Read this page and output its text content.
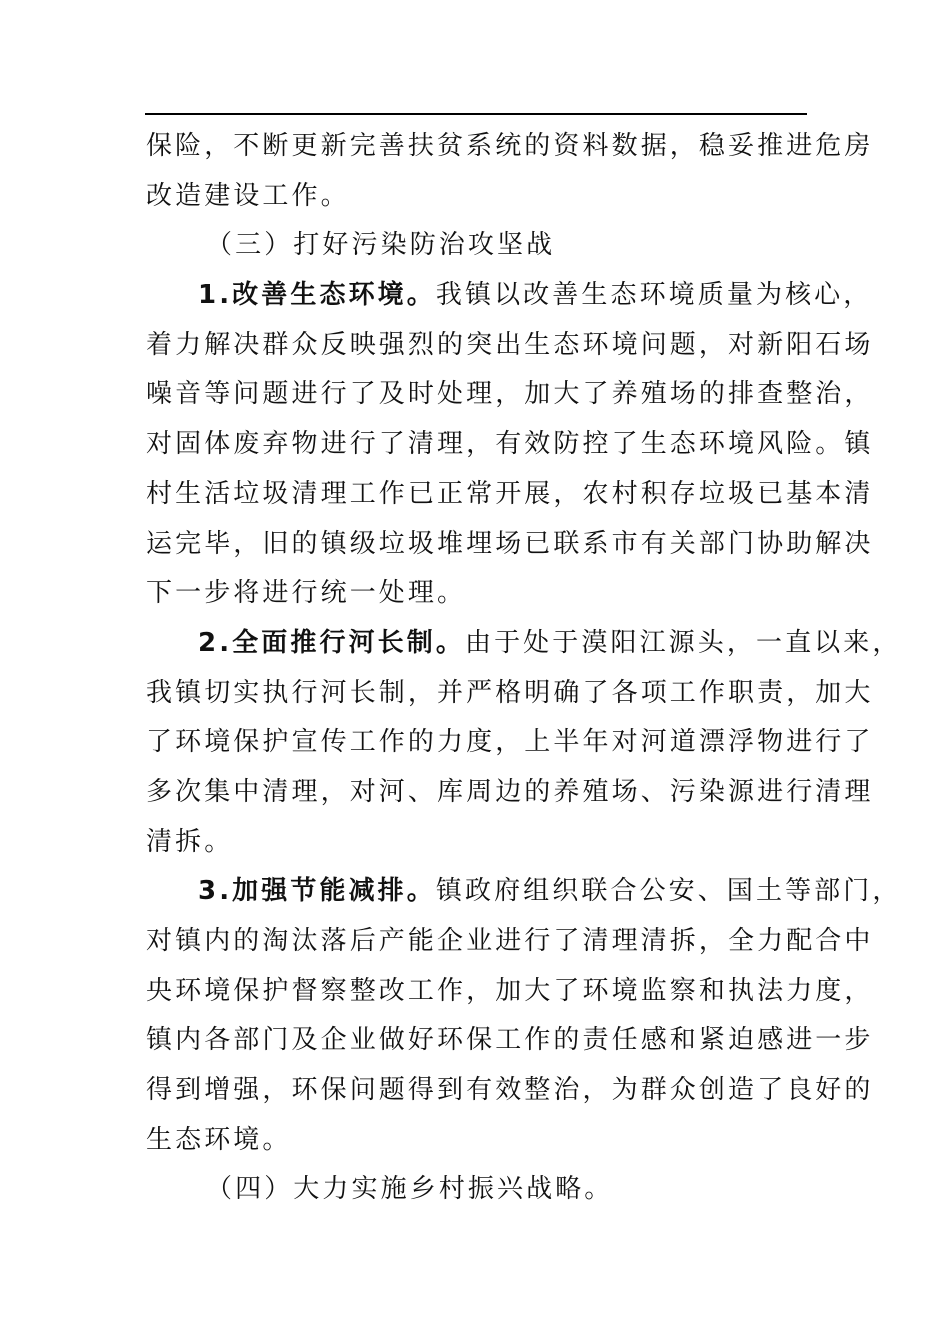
保险，不断更新完善扶贫系统的资料数据，稳妥推进危房
改造建设工作。
（三）打好污染防治攻坚战
1.改善生态环境。我镇以改善生态环境质量为核心，
着力解决群众反映强烈的突出生态环境问题，对新阳石场
噪音等问题进行了及时处理，加大了养殖场的排查整治，
对固体废弃物进行了清理，有效防控了生态环境风险。镇
村生活垃圾清理工作已正常开展，农村积存垃圾已基本清
运完毕，旧的镇级垃圾堆埋场已联系市有关部门协助解决
下一步将进行统一处理。
2.全面推行河长制。由于处于漠阳江源头，一直以来，
我镇切实执行河长制，并严格明确了各项工作职责，加大
了环境保护宣传工作的力度，上半年对河道漂浮物进行了
多次集中清理，对河、库周边的养殖场、污染源进行清理
清拆。
3.加强节能减排。镇政府组织联合公安、国土等部门，
对镇内的淘汰落后产能企业进行了清理清拆，全力配合中
央环境保护督察整改工作，加大了环境监察和执法力度，
镇内各部门及企业做好环保工作的责任感和紧迫感进一步
得到增强，环保问题得到有效整治，为群众创造了良好的
生态环境。
（四）大力实施乡村振兴战略。
